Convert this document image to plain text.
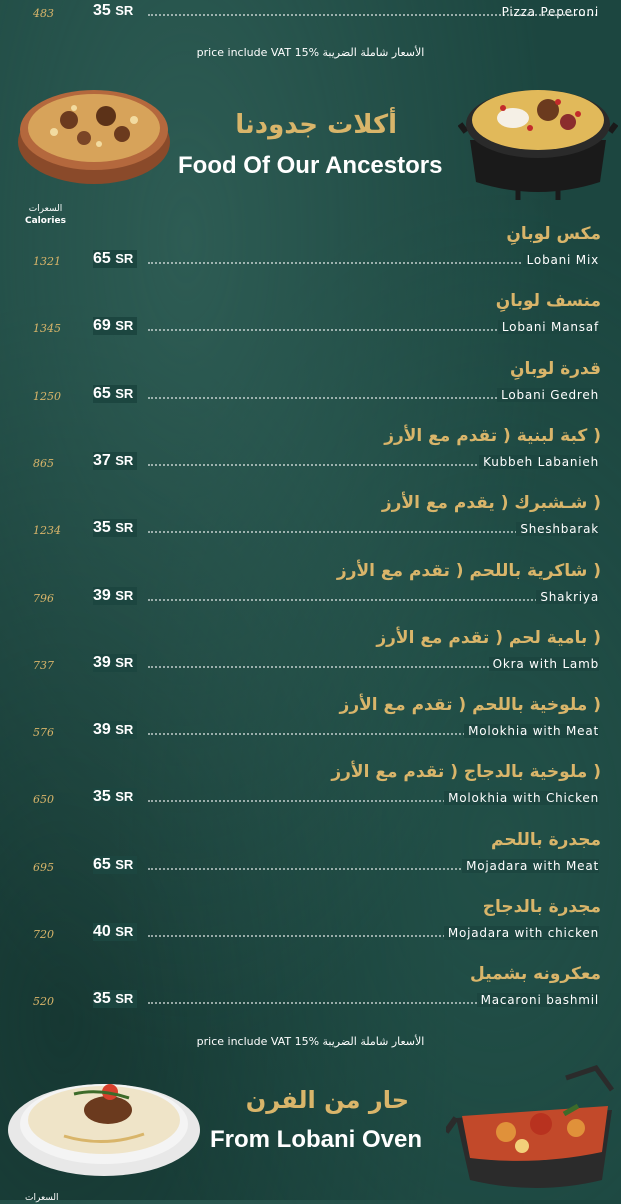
Pizza Peperoni
483 35 SR
price include VAT 15% الأسعار شاملة الضريبة
أكلات جدودنا
Food Of Our Ancestors
السعرات
Calories
مكس لوبانِ
Lobani Mix
1321 65 SR
منسف لوبانِ
Lobani Mansaf
1345 69 SR
قدرة لوبانِ
Lobani Gedreh
1250 65 SR
( كبة لبنية ( تقدم مع الأرز
Kubbeh Labanieh
865 37 SR
( شـشبرك ( يقدم مع الأرز
Sheshbarak
1234 35 SR
( شاكرية باللحم ( تقدم مع الأرز
Shakriya
796 39 SR
( بامية لحم ( تقدم مع الأرز
Okra with Lamb
737 39 SR
( ملوخية باللحم ( تقدم مع الأرز
Molokhia with Meat
576 39 SR
( ملوخية بالدجاج ( تقدم مع الأرز
Molokhia with Chicken
650 35 SR
مجدرة باللحم
Mojadara with Meat
695 65 SR
مجدرة بالدجاج
Mojadara with chicken
720 40 SR
معكرونه بشميل
Macaroni bashmil
520 35 SR
price include VAT 15% الأسعار شاملة الضريبة
حار من الفرن
From Lobani Oven
السعرات
